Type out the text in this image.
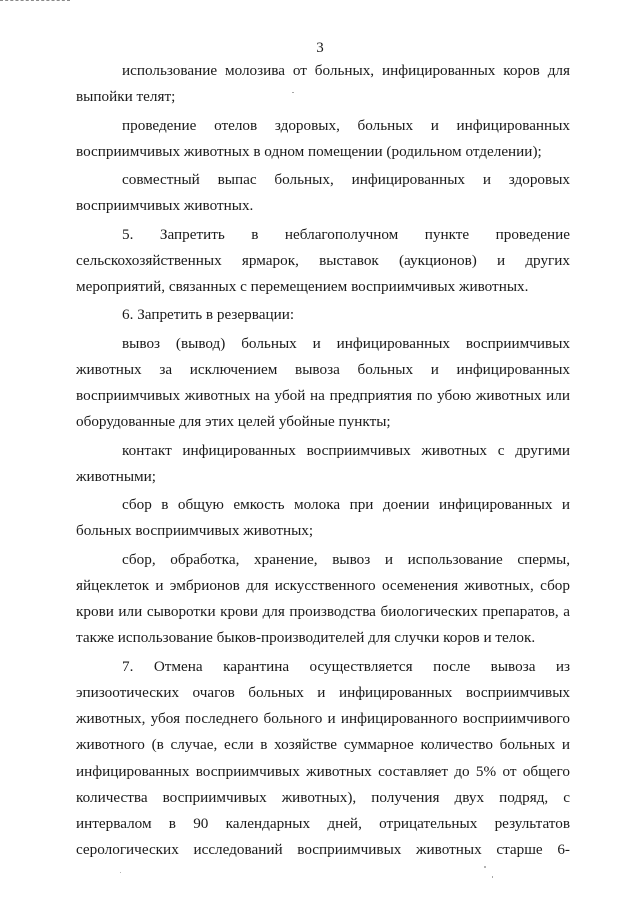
3
использование молозива от больных, инфицированных коров для
выпойки телят;
проведение отелов здоровых, больных и инфицированных
восприимчивых животных в одном помещении (родильном отделении);
совместный выпас больных, инфицированных и здоровых
восприимчивых животных.
5. Запретить в неблагополучном пункте проведение
сельскохозяйственных ярмарок, выставок (аукционов) и других
мероприятий, связанных с перемещением восприимчивых животных.
6. Запретить в резервации:
вывоз (вывод) больных и инфицированных восприимчивых
животных за исключением вывоза больных и инфицированных
восприимчивых животных на убой на предприятия по убою животных или
оборудованные для этих целей убойные пункты;
контакт инфицированных восприимчивых животных с другими
животными;
сбор в общую емкость молока при доении инфицированных и
больных восприимчивых животных;
сбор, обработка, хранение, вывоз и использование спермы,
яйцеклеток и эмбрионов для искусственного осеменения животных, сбор
крови или сыворотки крови для производства биологических препаратов, а
также использование быков-производителей для случки коров и телок.
7. Отмена карантина осуществляется после вывоза из
эпизоотических очагов больных и инфицированных восприимчивых
животных, убоя последнего больного и инфицированного восприимчивого
животного (в случае, если в хозяйстве суммарное количество больных и
инфицированных восприимчивых животных составляет до 5% от общего
количества восприимчивых животных), получения двух подряд, с
интервалом в 90 календарных дней, отрицательных результатов
серологических исследований восприимчивых животных старше 6-
